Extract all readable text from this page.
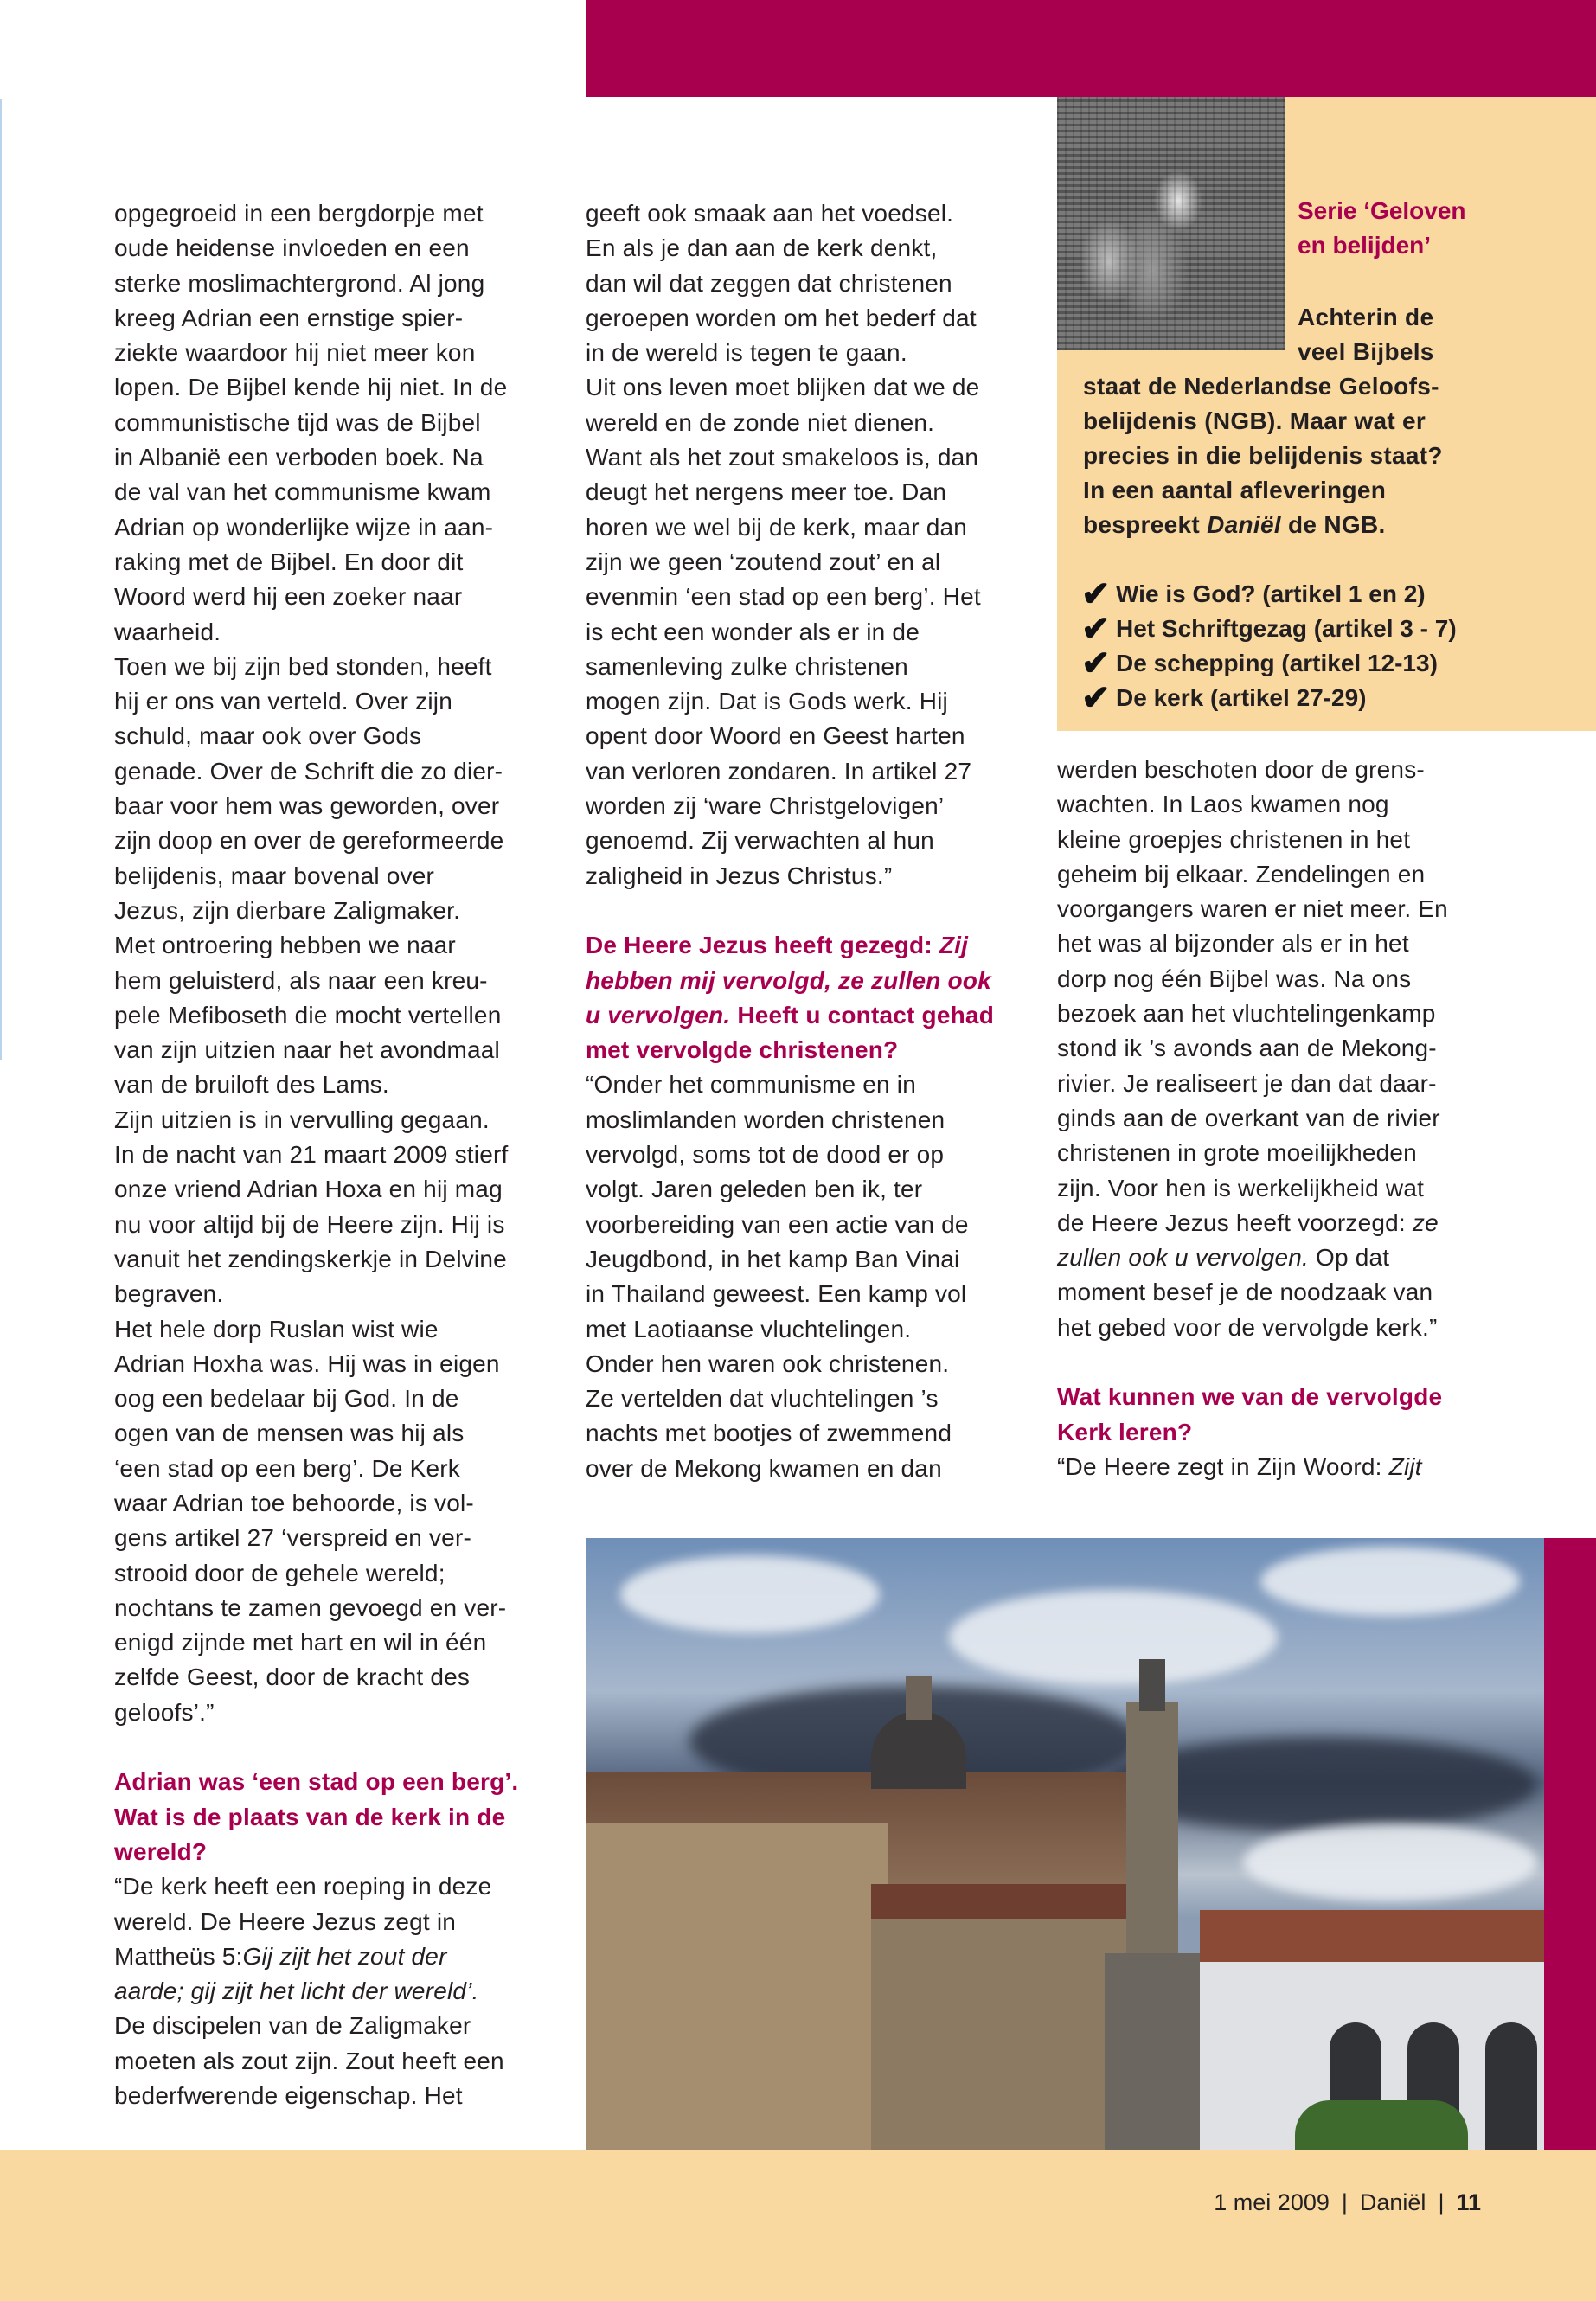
opgegroeid in een bergdorpje met
oude heidense invloeden en een
sterke moslimachtergrond. Al jong
kreeg Adrian een ernstige spier-
ziekte waardoor hij niet meer kon
lopen. De Bijbel kende hij niet. In de
communistische tijd was de Bijbel
in Albanië een verboden boek. Na
de val van het communisme kwam
Adrian op wonderlijke wijze in aan-
raking met de Bijbel. En door dit
Woord werd hij een zoeker naar
waarheid.
Toen we bij zijn bed stonden, heeft
hij er ons van verteld. Over zijn
schuld, maar ook over Gods
genade. Over de Schrift die zo dier-
baar voor hem was geworden, over
zijn doop en over de gereformeerde
belijdenis, maar bovenal over
Jezus, zijn dierbare Zaligmaker.
Met ontroering hebben we naar
hem geluisterd, als naar een kreu-
pele Mefiboseth die mocht vertellen
van zijn uitzien naar het avondmaal
van de bruiloft des Lams.
Zijn uitzien is in vervulling gegaan.
In de nacht van 21 maart 2009 stierf
onze vriend Adrian Hoxa en hij mag
nu voor altijd bij de Heere zijn. Hij is
vanuit het zendingskerkje in Delvine
begraven.
Het hele dorp Ruslan wist wie
Adrian Hoxha was. Hij was in eigen
oog een bedelaar bij God. In de
ogen van de mensen was hij als
‘een stad op een berg’. De Kerk
waar Adrian toe behoorde, is vol-
gens artikel 27 ‘verspreid en ver-
strooid door de gehele wereld;
nochtans te zamen gevoegd en ver-
enigd zijnde met hart en wil in één
zelfde Geest, door de kracht des
geloofs’.”
Adrian was ‘een stad op een berg’.
Wat is de plaats van de kerk in de
wereld?
“De kerk heeft een roeping in deze
wereld. De Heere Jezus zegt in
Mattheüs 5:Gij zijt het zout der
aarde; gij zijt het licht der wereld’.
De discipelen van de Zaligmaker
moeten als zout zijn. Zout heeft een
bederfwerende eigenschap. Het
geeft ook smaak aan het voedsel.
En als je dan aan de kerk denkt,
dan wil dat zeggen dat christenen
geroepen worden om het bederf dat
in de wereld is tegen te gaan.
Uit ons leven moet blijken dat we de
wereld en de zonde niet dienen.
Want als het zout smakeloos is, dan
deugt het nergens meer toe. Dan
horen we wel bij de kerk, maar dan
zijn we geen ‘zoutend zout’ en al
evenmin ‘een stad op een berg’. Het
is echt een wonder als er in de
samenleving zulke christenen
mogen zijn. Dat is Gods werk. Hij
opent door Woord en Geest harten
van verloren zondaren. In artikel 27
worden zij ‘ware Christgelovigen’
genoemd. Zij verwachten al hun
zaligheid in Jezus Christus.”
De Heere Jezus heeft gezegd: Zij
hebben mij vervolgd, ze zullen ook
u vervolgen. Heeft u contact gehad
met vervolgde christenen?
“Onder het communisme en in
moslimlanden worden christenen
vervolgd, soms tot de dood er op
volgt. Jaren geleden ben ik, ter
voorbereiding van een actie van de
Jeugdbond, in het kamp Ban Vinai
in Thailand geweest. Een kamp vol
met Laotiaanse vluchtelingen.
Onder hen waren ook christenen.
Ze vertelden dat vluchtelingen ’s
nachts met bootjes of zwemmend
over de Mekong kwamen en dan
werden beschoten door de grens-
wachten. In Laos kwamen nog
kleine groepjes christenen in het
geheim bij elkaar. Zendelingen en
voorgangers waren er niet meer. En
het was al bijzonder als er in het
dorp nog één Bijbel was. Na ons
bezoek aan het vluchtelingenkamp
stond ik ’s avonds aan de Mekong-
rivier. Je realiseert je dan dat daar-
ginds aan de overkant van de rivier
christenen in grote moeilijkheden
zijn. Voor hen is werkelijkheid wat
de Heere Jezus heeft voorzegd: ze
zullen ook u vervolgen. Op dat
moment besef je de noodzaak van
het gebed voor de vervolgde kerk.”
Wat kunnen we van de vervolgde
Kerk leren?
“De Heere zegt in Zijn Woord: Zijt
Serie ‘Geloven
en belijden’
Achterin de
veel Bijbels
staat de Nederlandse Geloofs-
belijdenis (NGB). Maar wat er
precies in die belijdenis staat?
In een aantal afleveringen
bespreekt Daniël de NGB.
✔ Wie is God? (artikel 1 en 2)
✔ Het Schriftgezag (artikel 3 - 7)
✔ De schepping (artikel 12-13)
✔ De kerk (artikel 27-29)
1 mei 2009 | Daniël | 11
